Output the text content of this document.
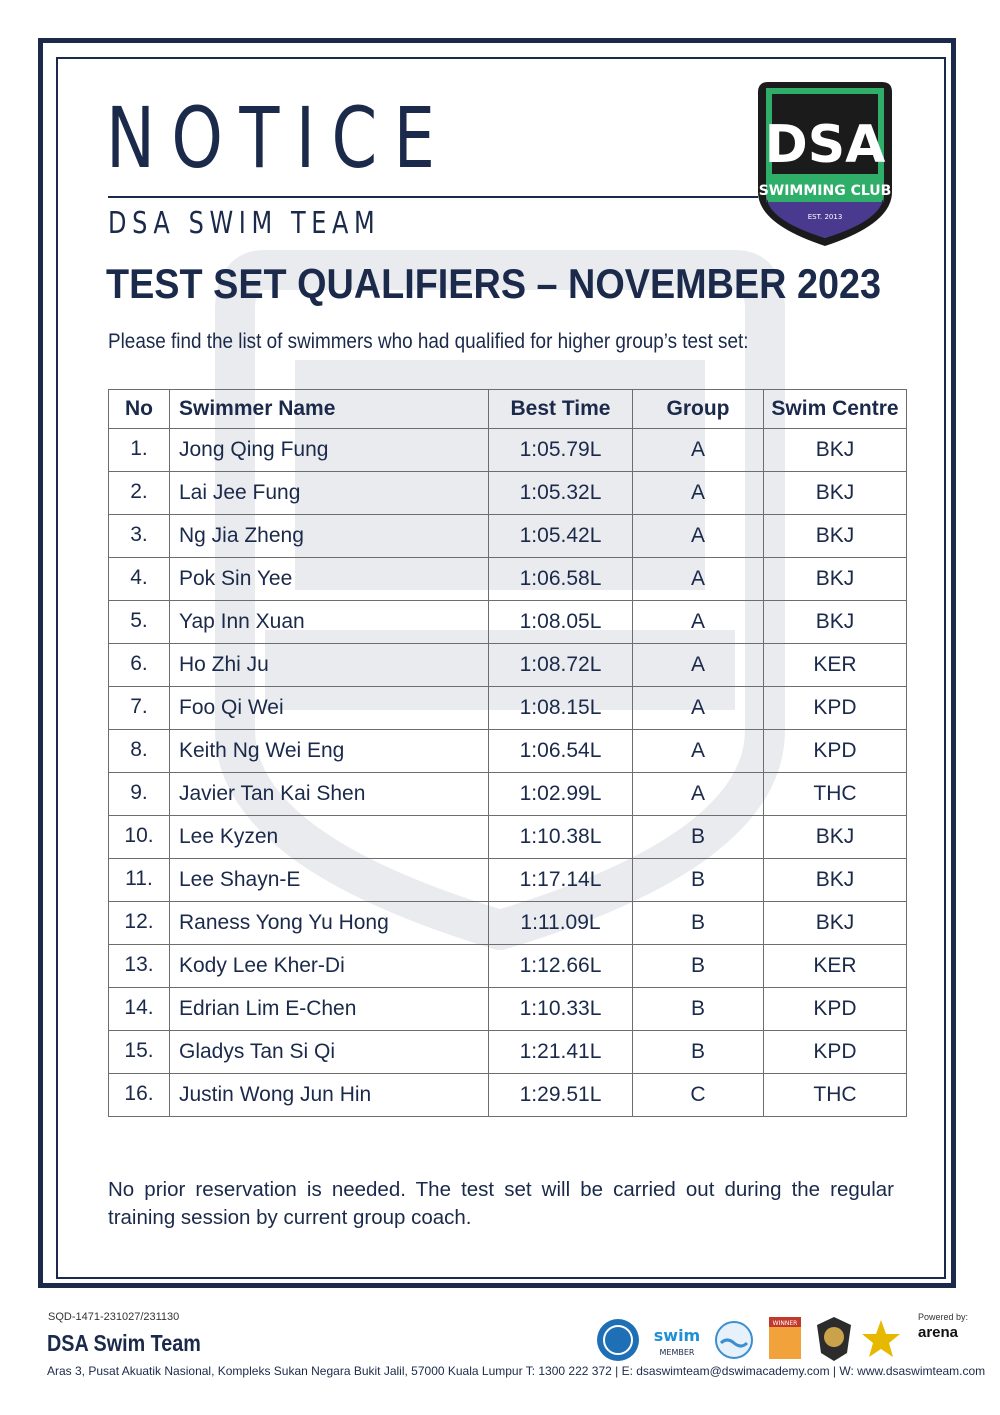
NOTICE
DSA SWIM TEAM
DSA
SWIMMING CLUB
EST. 2013
TEST SET QUALIFIERS – NOVEMBER 2023
Please find the list of swimmers who had qualified for higher group’s test set:
No	Swimmer Name	Best Time	Group	Swim Centre
1.	Jong Qing Fung	1:05.79L	A	BKJ
2.	Lai Jee Fung	1:05.32L	A	BKJ
3.	Ng Jia Zheng	1:05.42L	A	BKJ
4.	Pok Sin Yee	1:06.58L	A	BKJ
5.	Yap Inn Xuan	1:08.05L	A	BKJ
6.	Ho Zhi Ju	1:08.72L	A	KER
7.	Foo Qi Wei	1:08.15L	A	KPD
8.	Keith Ng Wei Eng	1:06.54L	A	KPD
9.	Javier Tan Kai Shen	1:02.99L	A	THC
10.	Lee Kyzen	1:10.38L	B	BKJ
11.	Lee Shayn-E	1:17.14L	B	BKJ
12.	Raness Yong Yu Hong	1:11.09L	B	BKJ
13.	Kody Lee Kher-Di	1:12.66L	B	KER
14.	Edrian Lim E-Chen	1:10.33L	B	KPD
15.	Gladys Tan Si Qi	1:21.41L	B	KPD
16.	Justin Wong Jun Hin	1:29.51L	C	THC
No prior reservation is needed. The test set will be carried out during the regular training session by current group coach.
SQD-1471-231027/231130
DSA Swim Team
Aras 3, Pusat Akuatik Nasional, Kompleks Sukan Negara Bukit Jalil, 57000 Kuala Lumpur T: 1300 222 372 | E: dsaswimteam@dswimacademy.com | W: www.dsaswimteam.com
swim
MEMBER
WINNER
Powered by:
arena
